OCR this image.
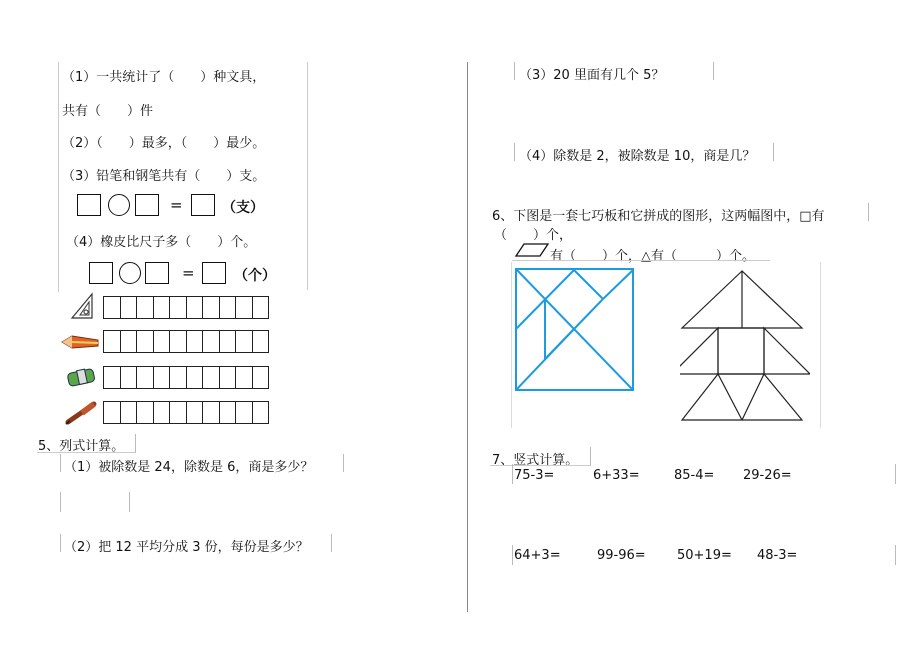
（1）一共统计了（　　）种文具，
共有（　　）件
（2）（　　）最多，（　　）最少。
（3）铅笔和钢笔共有（　　）支。
=	（支）
（4）橡皮比尺子多（　　）个。
=	（个）
5、列式计算。
（1）被除数是 24，除数是 6，商是多少？
（2）把 12 平均分成 3 份，每份是多少？
（3）20 里面有几个 5？
（4）除数是 2，被除数是 10，商是几？
6、下图是一套七巧板和它拼成的图形，这两幅图中，□有
（　　）个，
有（　　）个，△有（　　　）个。
7、竖式计算。
75-3=	6+33=	85-4= 29-26=
64+3=	99-96= 50+19= 48-3=
